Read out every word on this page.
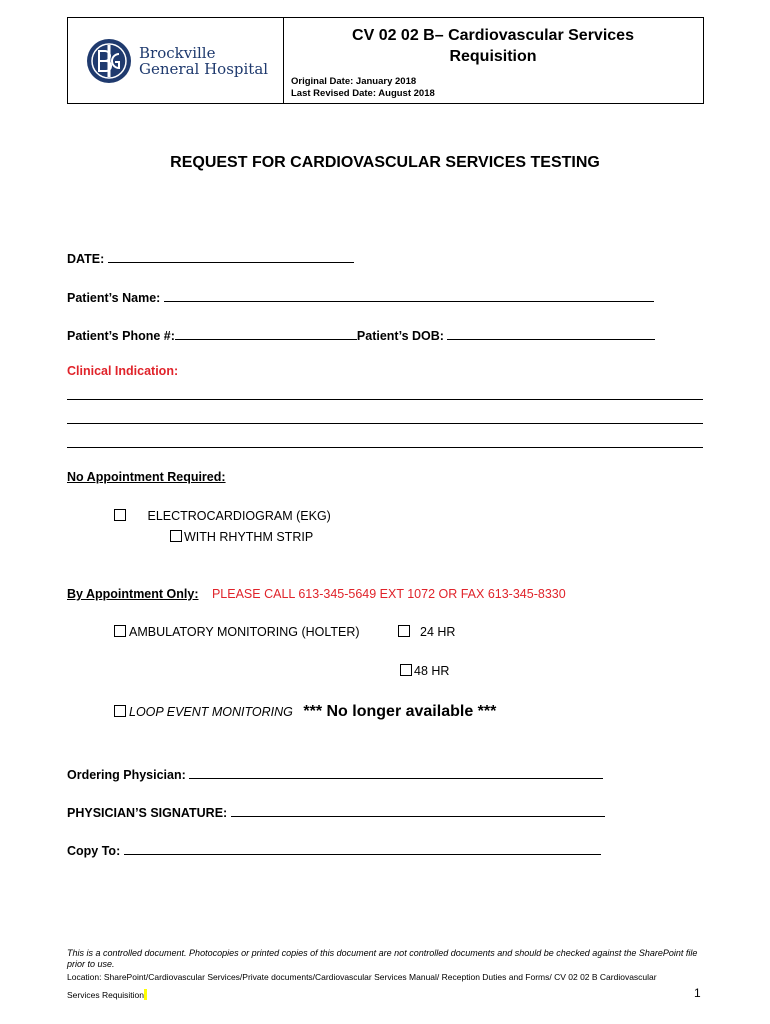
Brockville
General Hospital
CV 02 02 B– Cardiovascular Services
Requisition
Original Date: January 2018
Last Revised Date: August 2018
REQUEST FOR CARDIOVASCULAR SERVICES TESTING
DATE:
Patient’s Name:
Patient’s Phone #:	Patient’s DOB:
Clinical Indication:
No Appointment Required:
ELECTROCARDIOGRAM (EKG)
WITH RHYTHM STRIP
By Appointment Only: PLEASE CALL 613-345-5649 EXT 1072 OR FAX 613-345-8330
AMBULATORY MONITORING (HOLTER)	24 HR
48 HR
LOOP EVENT MONITORING *** No longer available ***
Ordering Physician:
PHYSICIAN’S SIGNATURE:
Copy To:
This is a controlled document. Photocopies or printed copies of this document are not controlled documents and should be checked against the SharePoint file prior to use.
Location: SharePoint/Cardiovascular Services/Private documents/Cardiovascular Services Manual/ Reception Duties and Forms/ CV 02 02 B Cardiovascular
Services Requisition	1
